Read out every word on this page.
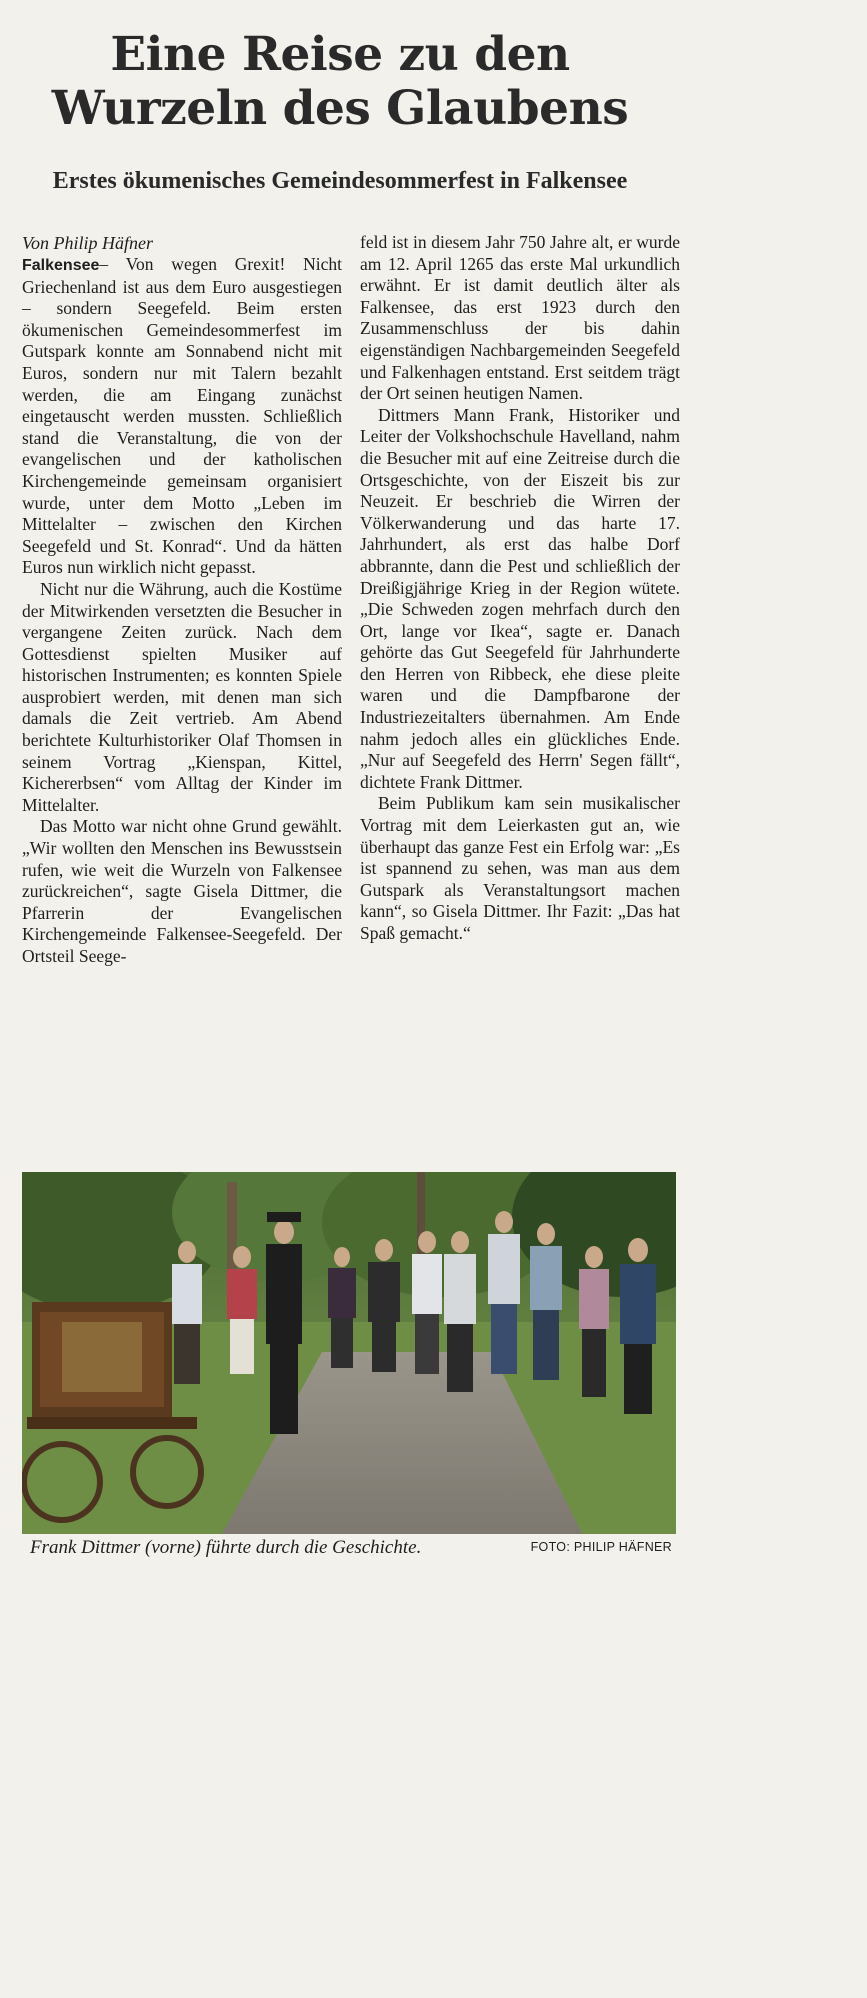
Eine Reise zu den
Wurzeln des Glaubens
Erstes ökumenisches Gemeindesommerfest in Falkensee

Von Philip Häfner

Falkensee– Von wegen Grexit! Nicht Griechenland ist aus dem Euro ausgestiegen – sondern Seegefeld. Beim ersten ökumenischen Gemeindesommerfest im Gutspark konnte am Sonnabend nicht mit Euros, sondern nur mit Talern bezahlt werden, die am Eingang zunächst eingetauscht werden mussten. Schließlich stand die Veranstaltung, die von der evangelischen und der katholischen Kirchengemeinde gemeinsam organisiert wurde, unter dem Motto „Leben im Mittelalter – zwischen den Kirchen Seegefeld und St. Konrad“. Und da hätten Euros nun wirklich nicht gepasst.

Nicht nur die Währung, auch die Kostüme der Mitwirkenden versetzten die Besucher in vergangene Zeiten zurück. Nach dem Gottesdienst spielten Musiker auf historischen Instrumenten; es konnten Spiele ausprobiert werden, mit denen man sich damals die Zeit vertrieb. Am Abend berichtete Kulturhistoriker Olaf Thomsen in seinem Vortrag „Kienspan, Kittel, Kichererbsen“ vom Alltag der Kinder im Mittelalter.

Das Motto war nicht ohne Grund gewählt. „Wir wollten den Menschen ins Bewusstsein rufen, wie weit die Wurzeln von Falkensee zurückreichen“, sagte Gisela Dittmer, die Pfarrerin der Evangelischen Kirchengemeinde Falkensee-Seegefeld. Der Ortsteil Seege-

feld ist in diesem Jahr 750 Jahre alt, er wurde am 12. April 1265 das erste Mal urkundlich erwähnt. Er ist damit deutlich älter als Falkensee, das erst 1923 durch den Zusammenschluss der bis dahin eigenständigen Nachbargemeinden Seegefeld und Falkenhagen entstand. Erst seitdem trägt der Ort seinen heutigen Namen.

Dittmers Mann Frank, Historiker und Leiter der Volkshochschule Havelland, nahm die Besucher mit auf eine Zeitreise durch die Ortsgeschichte, von der Eiszeit bis zur Neuzeit. Er beschrieb die Wirren der Völkerwanderung und das harte 17. Jahrhundert, als erst das halbe Dorf abbrannte, dann die Pest und schließlich der Dreißigjährige Krieg in der Region wütete. „Die Schweden zogen mehrfach durch den Ort, lange vor Ikea“, sagte er. Danach gehörte das Gut Seegefeld für Jahrhunderte den Herren von Ribbeck, ehe diese pleite waren und die Dampfbarone der Industriezeitalters übernahmen. Am Ende nahm jedoch alles ein glückliches Ende. „Nur auf Seegefeld des Herrn' Segen fällt“, dichtete Frank Dittmer.

Beim Publikum kam sein musikalischer Vortrag mit dem Leierkasten gut an, wie überhaupt das ganze Fest ein Erfolg war: „Es ist spannend zu sehen, was man aus dem Gutspark als Veranstaltungsort machen kann“, so Gisela Dittmer. Ihr Fazit: „Das hat Spaß gemacht.“

Frank Dittmer (vorne) führte durch die Geschichte.	FOTO: PHILIP HÄFNER
